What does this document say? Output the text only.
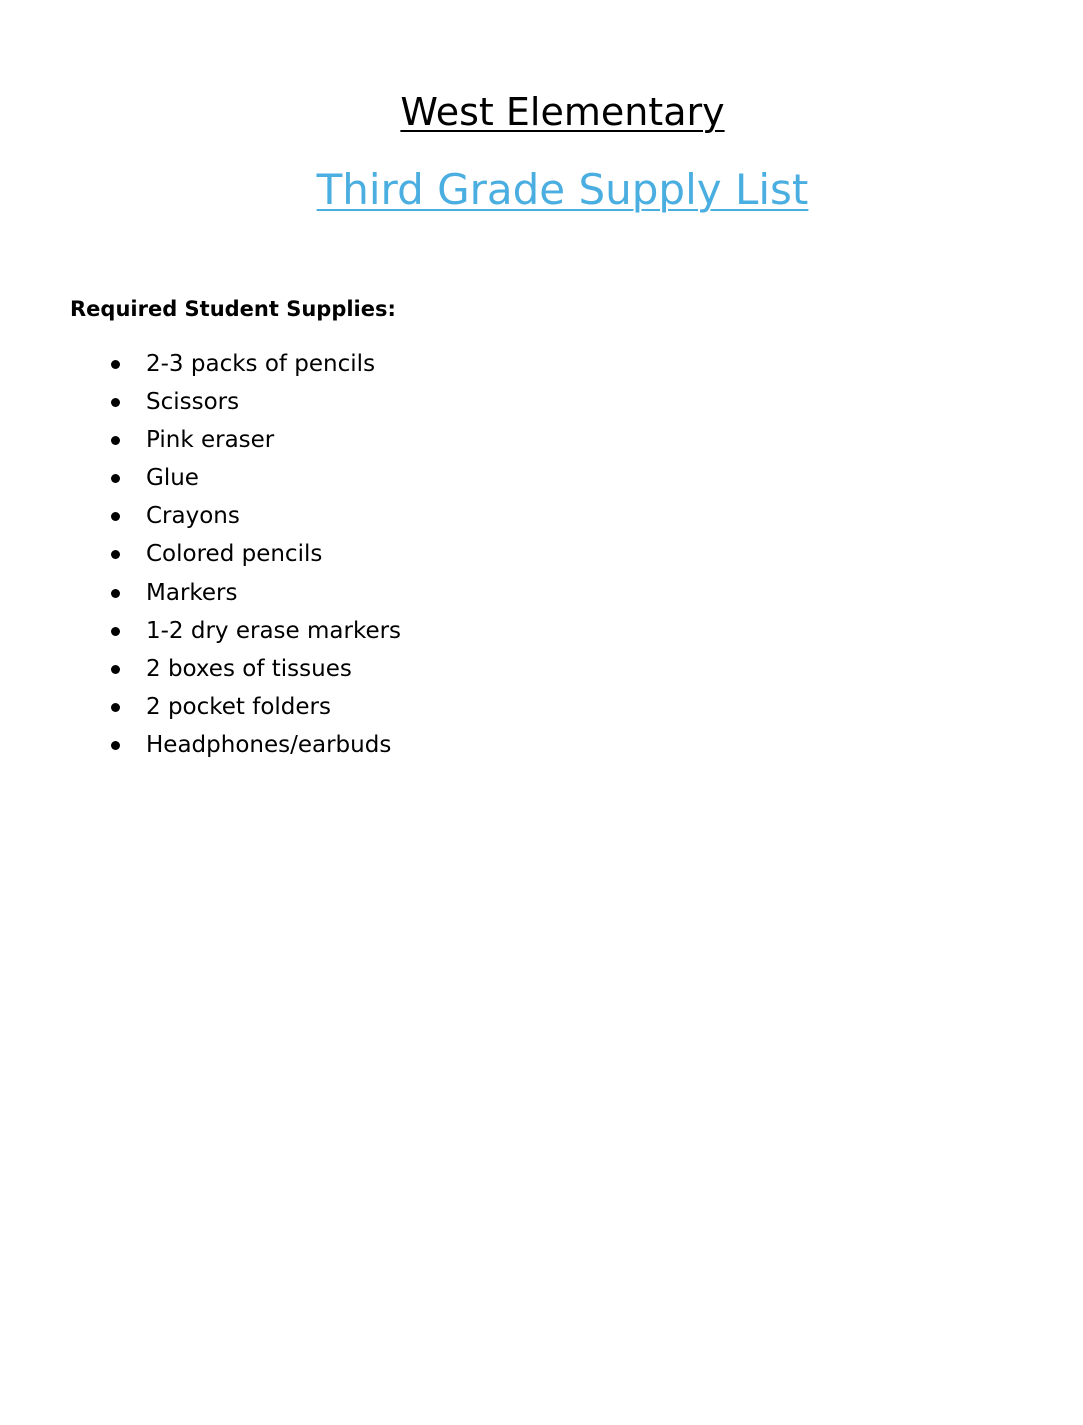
West Elementary
Third Grade Supply List

Required Student Supplies:

2-3 packs of pencils
Scissors
Pink eraser
Glue
Crayons
Colored pencils
Markers
1-2 dry erase markers
2 boxes of tissues
2 pocket folders
Headphones/earbuds
